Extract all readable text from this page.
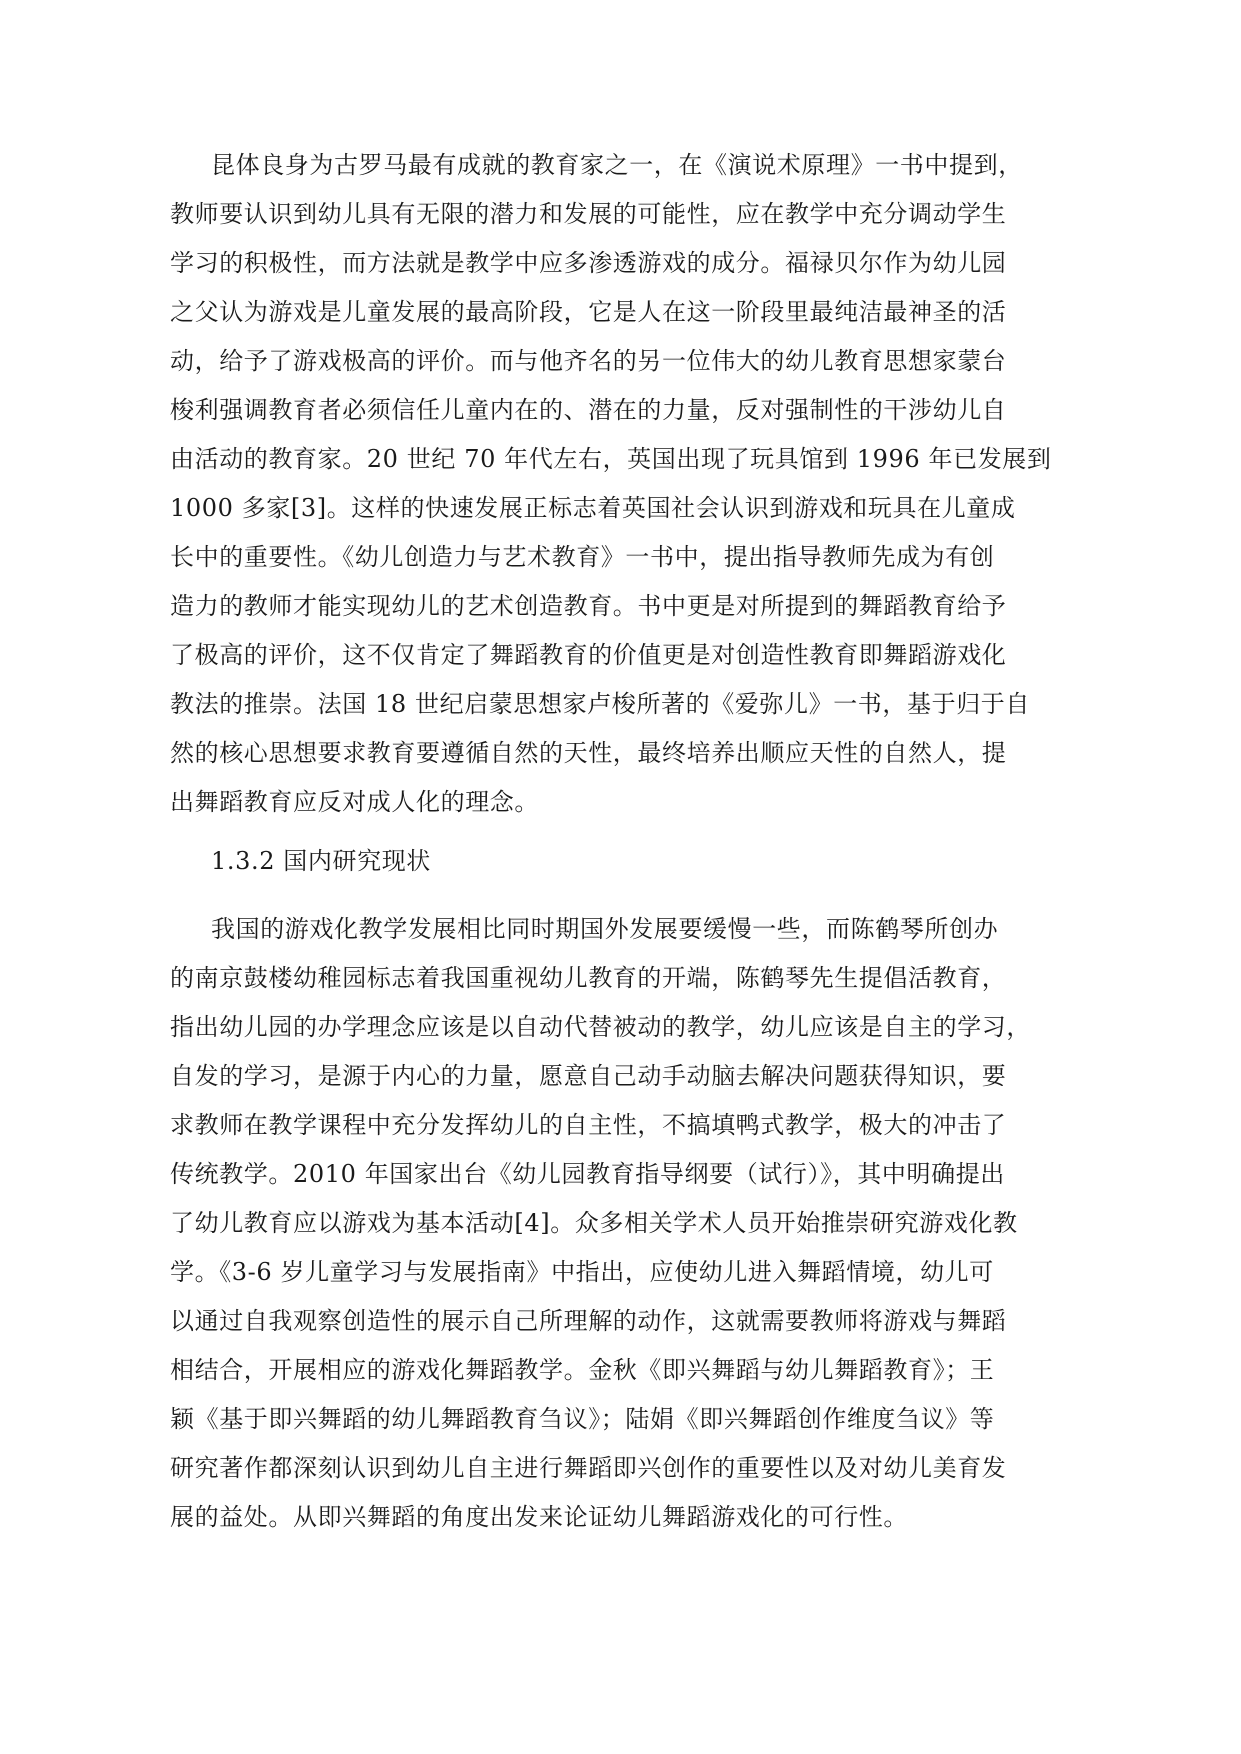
昆体良身为古罗马最有成就的教育家之一，在《演说术原理》一书中提到，

教师要认识到幼儿具有无限的潜力和发展的可能性，应在教学中充分调动学生

学习的积极性，而方法就是教学中应多渗透游戏的成分。福禄贝尔作为幼儿园

之父认为游戏是儿童发展的最高阶段，它是人在这一阶段里最纯洁最神圣的活

动，给予了游戏极高的评价。而与他齐名的另一位伟大的幼儿教育思想家蒙台

梭利强调教育者必须信任儿童内在的、潜在的力量，反对强制性的干涉幼儿自

由活动的教育家。20 世纪 70 年代左右，英国出现了玩具馆到 1996 年已发展到

1000 多家[3]。这样的快速发展正标志着英国社会认识到游戏和玩具在儿童成

长中的重要性。《幼儿创造力与艺术教育》一书中，提出指导教师先成为有创

造力的教师才能实现幼儿的艺术创造教育。书中更是对所提到的舞蹈教育给予

了极高的评价，这不仅肯定了舞蹈教育的价值更是对创造性教育即舞蹈游戏化

教法的推崇。法国 18 世纪启蒙思想家卢梭所著的《爱弥儿》一书，基于归于自

然的核心思想要求教育要遵循自然的天性，最终培养出顺应天性的自然人，提

出舞蹈教育应反对成人化的理念。

1.3.2 国内研究现状

我国的游戏化教学发展相比同时期国外发展要缓慢一些，而陈鹤琴所创办

的南京鼓楼幼稚园标志着我国重视幼儿教育的开端，陈鹤琴先生提倡活教育，

指出幼儿园的办学理念应该是以自动代替被动的教学，幼儿应该是自主的学习，

自发的学习，是源于内心的力量，愿意自己动手动脑去解决问题获得知识，要

求教师在教学课程中充分发挥幼儿的自主性，不搞填鸭式教学，极大的冲击了

传统教学。2010 年国家出台《幼儿园教育指导纲要（试行）》，其中明确提出

了幼儿教育应以游戏为基本活动[4]。众多相关学术人员开始推崇研究游戏化教

学。《3-6 岁儿童学习与发展指南》中指出，应使幼儿进入舞蹈情境，幼儿可

以通过自我观察创造性的展示自己所理解的动作，这就需要教师将游戏与舞蹈

相结合，开展相应的游戏化舞蹈教学。金秋《即兴舞蹈与幼儿舞蹈教育》；王

颖《基于即兴舞蹈的幼儿舞蹈教育刍议》；陆娟《即兴舞蹈创作维度刍议》等

研究著作都深刻认识到幼儿自主进行舞蹈即兴创作的重要性以及对幼儿美育发

展的益处。从即兴舞蹈的角度出发来论证幼儿舞蹈游戏化的可行性。
